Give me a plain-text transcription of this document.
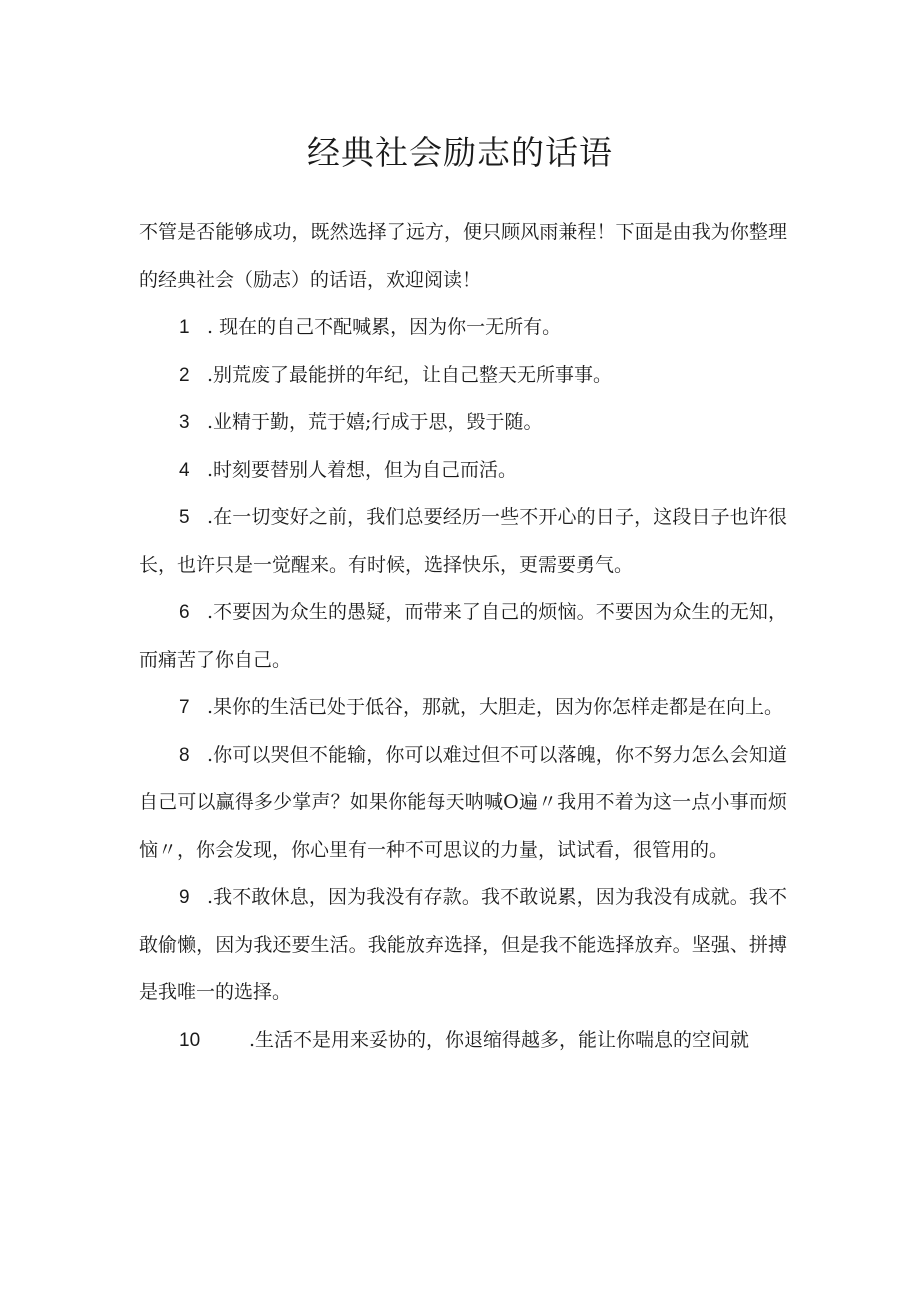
经典社会励志的话语

不管是否能够成功，既然选择了远方，便只顾风雨兼程！下面是由我为你整理的经典社会（励志）的话语，欢迎阅读！

1 . 现在的自己不配喊累，因为你一无所有。

2 .别荒废了最能拼的年纪，让自己整天无所事事。

3 .业精于勤，荒于嬉;行成于思，毁于随。

4 .时刻要替别人着想，但为自己而活。

5 .在一切变好之前，我们总要经历一些不开心的日子，这段日子也许很长，也许只是一觉醒来。有时候，选择快乐，更需要勇气。

6 .不要因为众生的愚疑，而带来了自己的烦恼。不要因为众生的无知，而痛苦了你自己。

7 .果你的生活已处于低谷，那就，大胆走，因为你怎样走都是在向上。

8 .你可以哭但不能输，你可以难过但不可以落魄，你不努力怎么会知道自己可以赢得多少掌声？如果你能每天呐喊O遍〃我用不着为这一点小事而烦恼〃，你会发现，你心里有一种不可思议的力量，试试看，很管用的。

9 .我不敢休息，因为我没有存款。我不敢说累，因为我没有成就。我不敢偷懒，因为我还要生活。我能放弃选择，但是我不能选择放弃。坚强、拼搏是我唯一的选择。

10	.生活不是用来妥协的，你退缩得越多，能让你喘息的空间就
